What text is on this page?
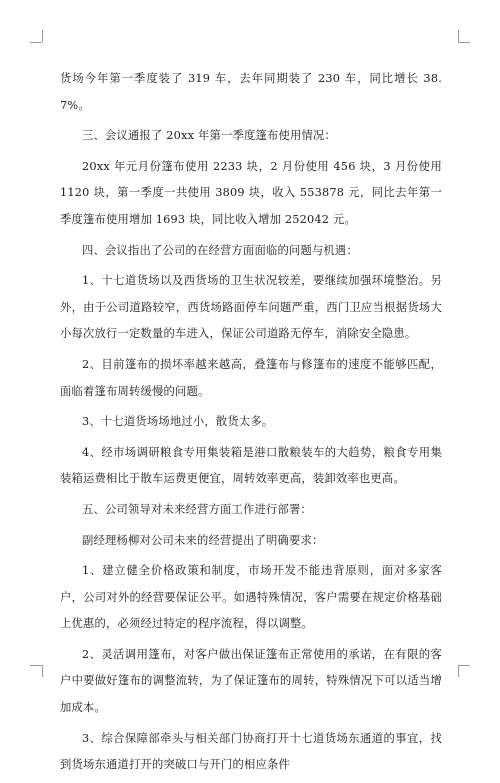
货场今年第一季度装了 319 车，去年同期装了 230 车，同比增长 38.7%。

三、会议通报了 20xx 年第一季度篷布使用情况：

20xx 年元月份篷布使用 2233 块，2 月份使用 456 块，3 月份使用 1120 块，第一季度一共使用 3809 块，收入 553878 元，同比去年第一季度篷布使用增加 1693 块，同比收入增加 252042 元。

四、会议指出了公司的在经营方面面临的问题与机遇：

1、十七道货场以及西货场的卫生状况较差，要继续加强环境整治。另外，由于公司道路较窄，西货场路面停车问题严重，西门卫应当根据货场大小每次放行一定数量的车进入，保证公司道路无停车，消除安全隐患。

2、目前篷布的损坏率越来越高，叠篷布与修篷布的速度不能够匹配，面临着篷布周转缓慢的问题。

3、十七道货场场地过小，散货太多。

4、经市场调研粮食专用集装箱是港口散粮装车的大趋势，粮食专用集装箱运费相比于散车运费更便宜，周转效率更高，装卸效率也更高。

五、公司领导对未来经营方面工作进行部署：

副经理杨柳对公司未来的经营提出了明确要求：

1、建立健全价格政策和制度，市场开发不能违背原则，面对多家客户，公司对外的经营要保证公平。如遇特殊情况，客户需要在规定价格基础上优惠的，必须经过特定的程序流程，得以调整。

2、灵活调用篷布，对客户做出保证篷布正常使用的承诺，在有限的客户中要做好篷布的调整流转，为了保证篷布的周转，特殊情况下可以适当增加成本。

3、综合保障部牵头与相关部门协商打开十七道货场东通道的事宜，找到货场东通道打开的突破口与开门的相应条件
